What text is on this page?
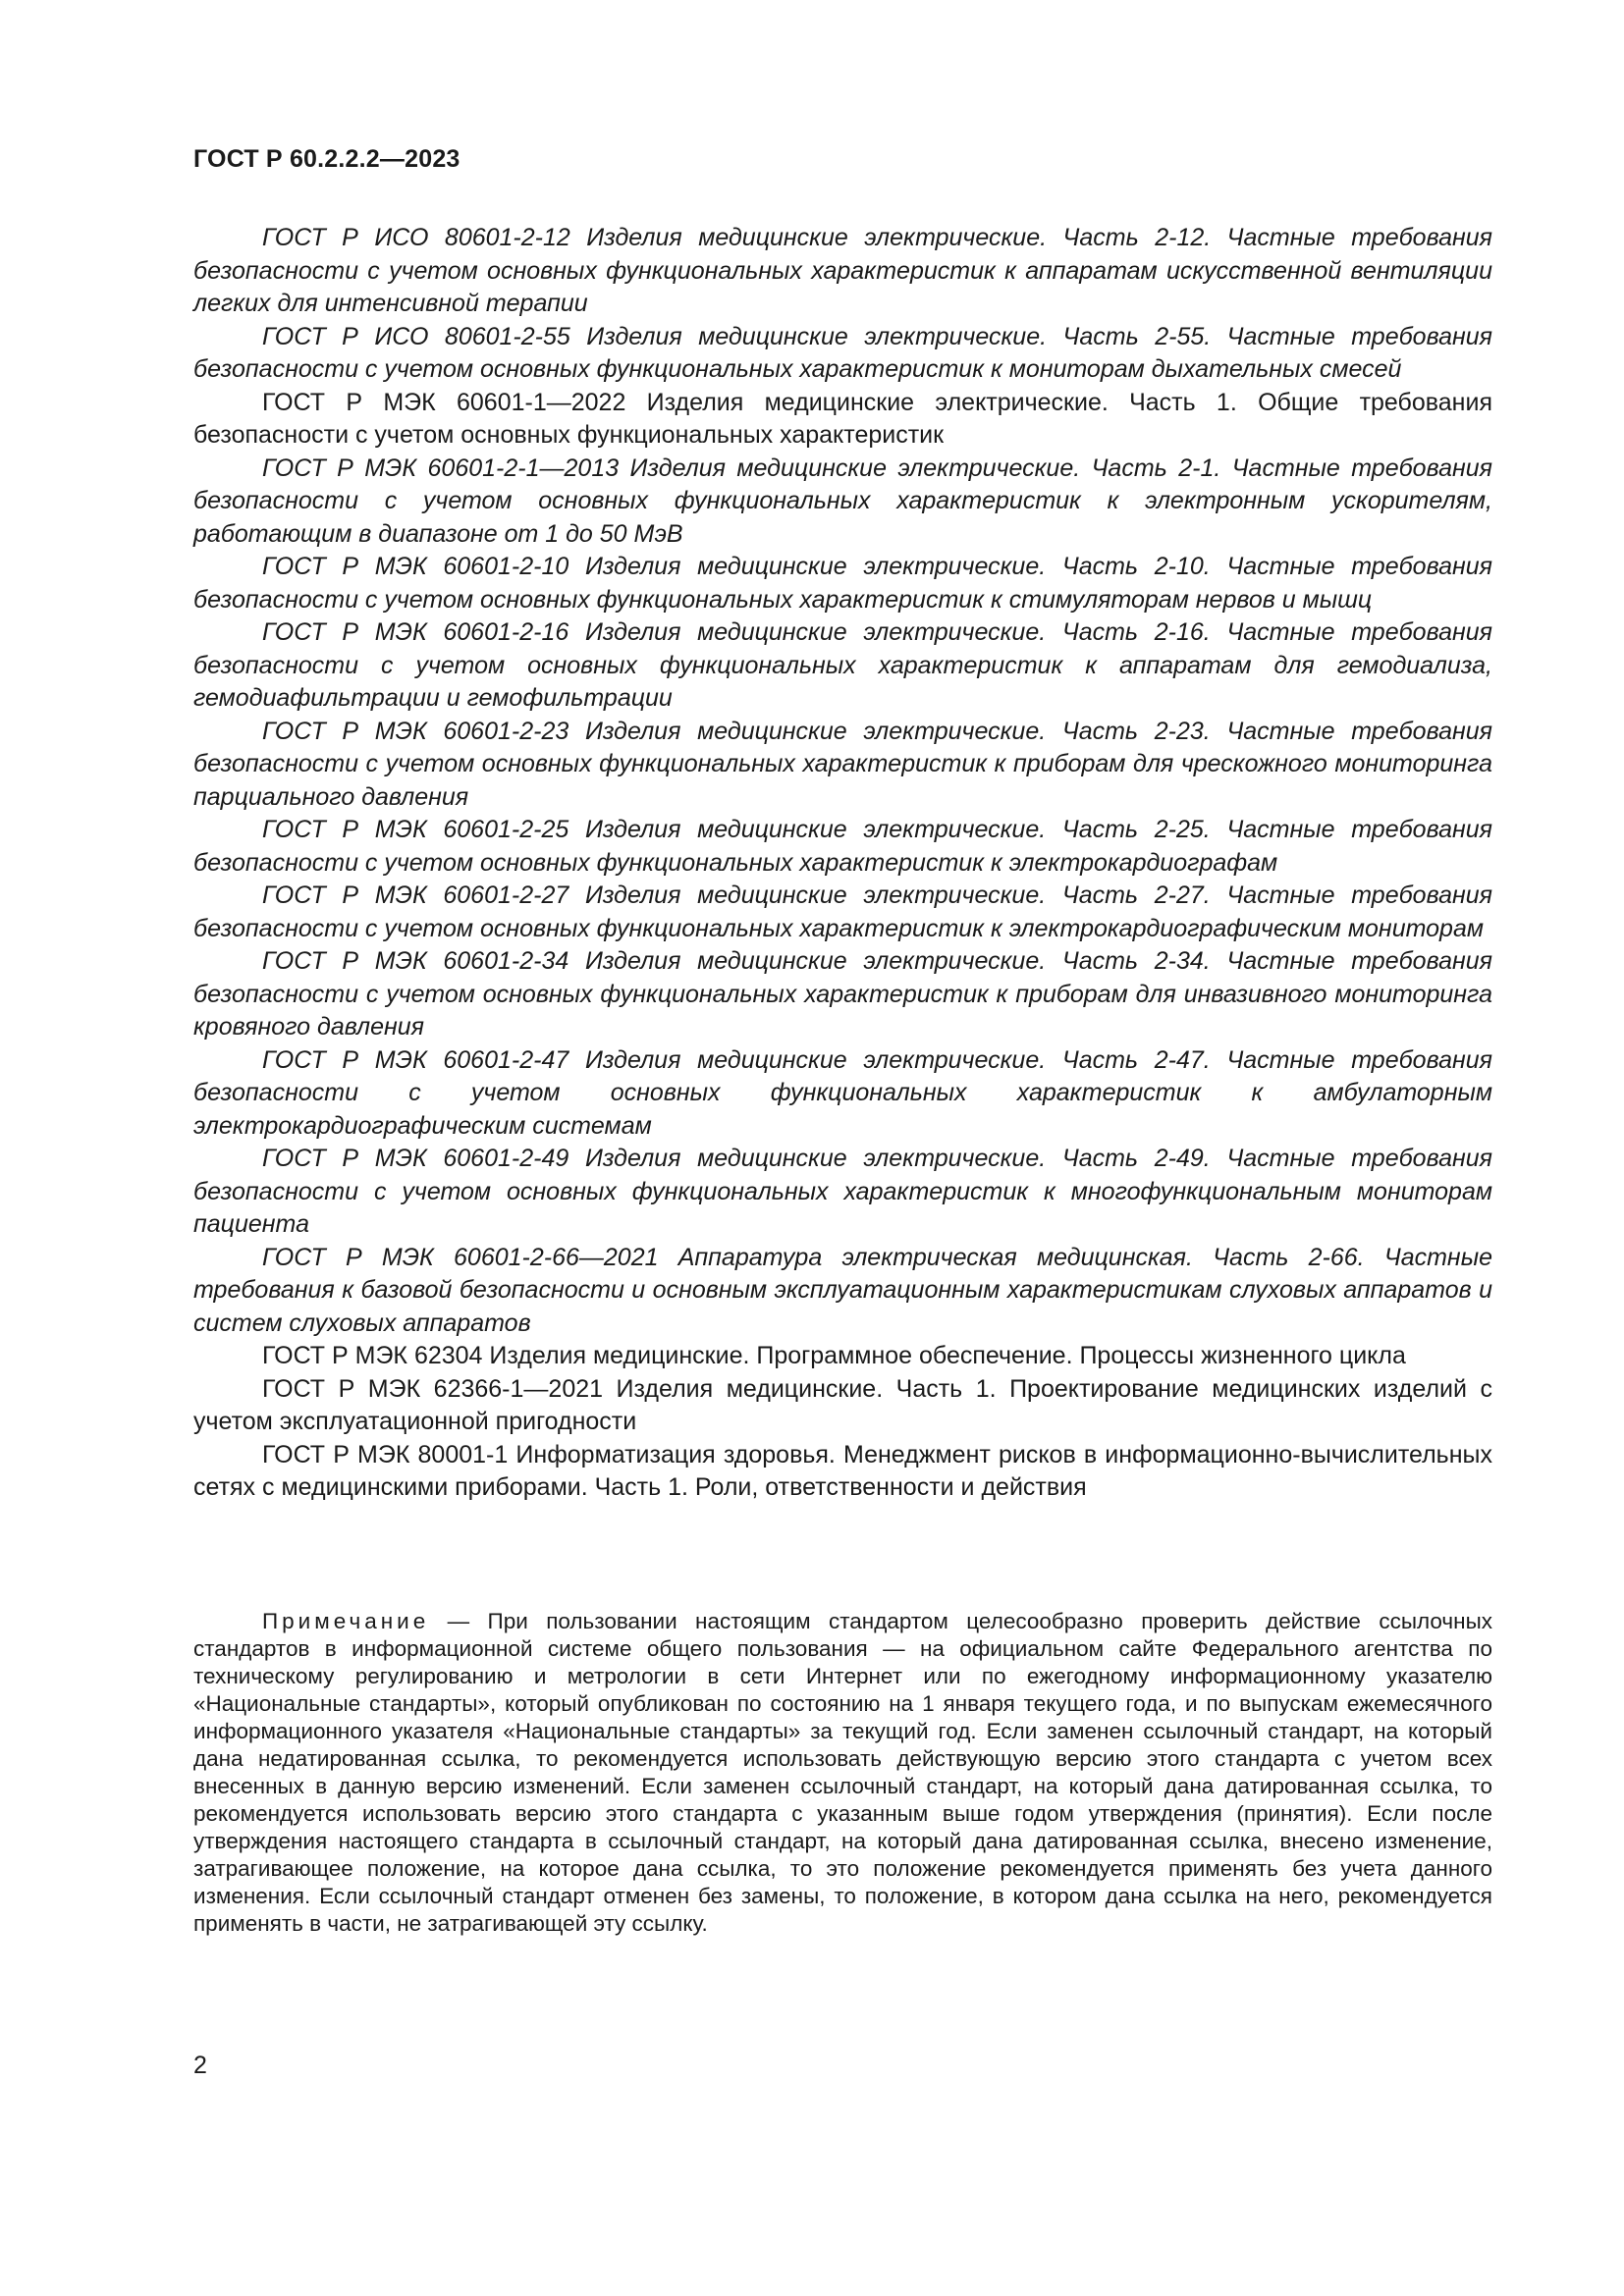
ГОСТ Р 60.2.2.2—2023

ГОСТ Р ИСО 80601-2-12 Изделия медицинские электрические. Часть 2-12. Частные требования безопасности с учетом основных функциональных характеристик к аппаратам искусственной вентиляции легких для интенсивной терапии

ГОСТ Р ИСО 80601-2-55 Изделия медицинские электрические. Часть 2-55. Частные требования безопасности с учетом основных функциональных характеристик к мониторам дыхательных смесей

ГОСТ Р МЭК 60601-1—2022 Изделия медицинские электрические. Часть 1. Общие требования безопасности с учетом основных функциональных характеристик

ГОСТ Р МЭК 60601-2-1—2013 Изделия медицинские электрические. Часть 2-1. Частные требования безопасности с учетом основных функциональных характеристик к электронным ускорителям, работающим в диапазоне от 1 до 50 МэВ

ГОСТ Р МЭК 60601-2-10 Изделия медицинские электрические. Часть 2-10. Частные требования безопасности с учетом основных функциональных характеристик к стимуляторам нервов и мышц

ГОСТ Р МЭК 60601-2-16 Изделия медицинские электрические. Часть 2-16. Частные требования безопасности с учетом основных функциональных характеристик к аппаратам для гемодиализа, гемодиафильтрации и гемофильтрации

ГОСТ Р МЭК 60601-2-23 Изделия медицинские электрические. Часть 2-23. Частные требования безопасности с учетом основных функциональных характеристик к приборам для чрескожного мониторинга парциального давления

ГОСТ Р МЭК 60601-2-25 Изделия медицинские электрические. Часть 2-25. Частные требования безопасности с учетом основных функциональных характеристик к электрокардиографам

ГОСТ Р МЭК 60601-2-27 Изделия медицинские электрические. Часть 2-27. Частные требования безопасности с учетом основных функциональных характеристик к электрокардиографическим мониторам

ГОСТ Р МЭК 60601-2-34 Изделия медицинские электрические. Часть 2-34. Частные требования безопасности с учетом основных функциональных характеристик к приборам для инвазивного мониторинга кровяного давления

ГОСТ Р МЭК 60601-2-47 Изделия медицинские электрические. Часть 2-47. Частные требования безопасности с учетом основных функциональных характеристик к амбулаторным электрокардиографическим системам

ГОСТ Р МЭК 60601-2-49 Изделия медицинские электрические. Часть 2-49. Частные требования безопасности с учетом основных функциональных характеристик к многофункциональным мониторам пациента

ГОСТ Р МЭК 60601-2-66—2021 Аппаратура электрическая медицинская. Часть 2-66. Частные требования к базовой безопасности и основным эксплуатационным характеристикам слуховых аппаратов и систем слуховых аппаратов

ГОСТ Р МЭК 62304 Изделия медицинские. Программное обеспечение. Процессы жизненного цикла

ГОСТ Р МЭК 62366-1—2021 Изделия медицинские. Часть 1. Проектирование медицинских изделий с учетом эксплуатационной пригодности

ГОСТ Р МЭК 80001-1 Информатизация здоровья. Менеджмент рисков в информационно-вычислительных сетях с медицинскими приборами. Часть 1. Роли, ответственности и действия

Примечание — При пользовании настоящим стандартом целесообразно проверить действие ссылочных стандартов в информационной системе общего пользования — на официальном сайте Федерального агентства по техническому регулированию и метрологии в сети Интернет или по ежегодному информационному указателю «Национальные стандарты», который опубликован по состоянию на 1 января текущего года, и по выпускам ежемесячного информационного указателя «Национальные стандарты» за текущий год. Если заменен ссылочный стандарт, на который дана недатированная ссылка, то рекомендуется использовать действующую версию этого стандарта с учетом всех внесенных в данную версию изменений. Если заменен ссылочный стандарт, на который дана датированная ссылка, то рекомендуется использовать версию этого стандарта с указанным выше годом утверждения (принятия). Если после утверждения настоящего стандарта в ссылочный стандарт, на который дана датированная ссылка, внесено изменение, затрагивающее положение, на которое дана ссылка, то это положение рекомендуется применять без учета данного изменения. Если ссылочный стандарт отменен без замены, то положение, в котором дана ссылка на него, рекомендуется применять в части, не затрагивающей эту ссылку.

2
